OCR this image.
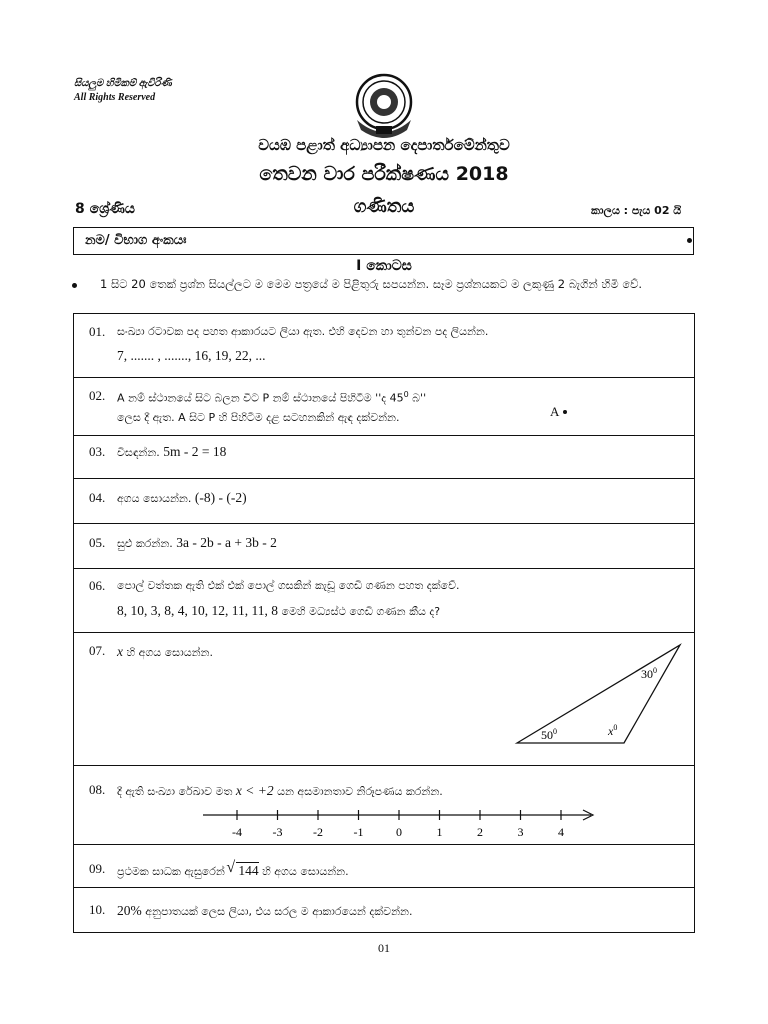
සියලුම හිමිකම් ඇවිරිණි
All Rights Reserved
වයඹ පළාත් අධ්‍යාපන දෙපාර්තමේන්තුව
තෙවන වාර පරීක්ෂණය 2018
8 ශ්‍රේණිය	ගණිතය	කාලය : පැය 02 යි
නම/ විභාග අංකයඃ
I කොටස
1 සිට 20 තෙක් ප්‍රශ්න සියල්ලට ම මෙම පත්‍රයේ ම පිළිතුරු සපයන්න. සෑම ප්‍රශ්නයකට ම ලකුණු 2 බැගින් හිමි වේ.
01. සංඛ්‍යා රටාවක පද පහත ආකාරයට ලියා ඇත. එහි දෙවන හා තුන්වන පද ලියන්න.
7, ....... , ......., 16, 19, 22, ...
02. A නම් ස්ථානයේ සිට බලන විට P නම් ස්ථානයේ පිහිටීම ''ද $45^0$ බ''
ලෙස දී ඇත. A සිට P හි පිහිටීම දළ සටහනකින් ඇඳ දක්වන්න.	A
03. විසඳන්න. 5m - 2 = 18
04. අගය සොයන්න. (-8) - (-2)
05. සුළු කරන්න. 3a - 2b - a + 3b - 2
06. පොල් වත්තක ඇති එක් එක් පොල් ගසකින් කැඩූ ගෙඩි ගණන පහත දක්වේ.
8, 10, 3, 8, 4, 10, 12, 11, 11, 8 මෙහි මධ්‍යස්ථ ගෙඩි ගණන කීය ද?
07. x හි අගය සොයන්න.
$30^0$
$50^0$	$x^0$
08. දී ඇති සංඛ්‍යා රේඛාව මත x < +2 යන අසමානතාව නිරූපණය කරන්න.
-4	-3	-2	-1	0	1	2	3	4
09. ප්‍රථමක සාධක ඇසුරෙන් √ 144 හි අගය සොයන්න.
10. 20% අනුපාතයක් ලෙස ලියා, එය සරල ම ආකාරයෙන් දක්වන්න.
01
